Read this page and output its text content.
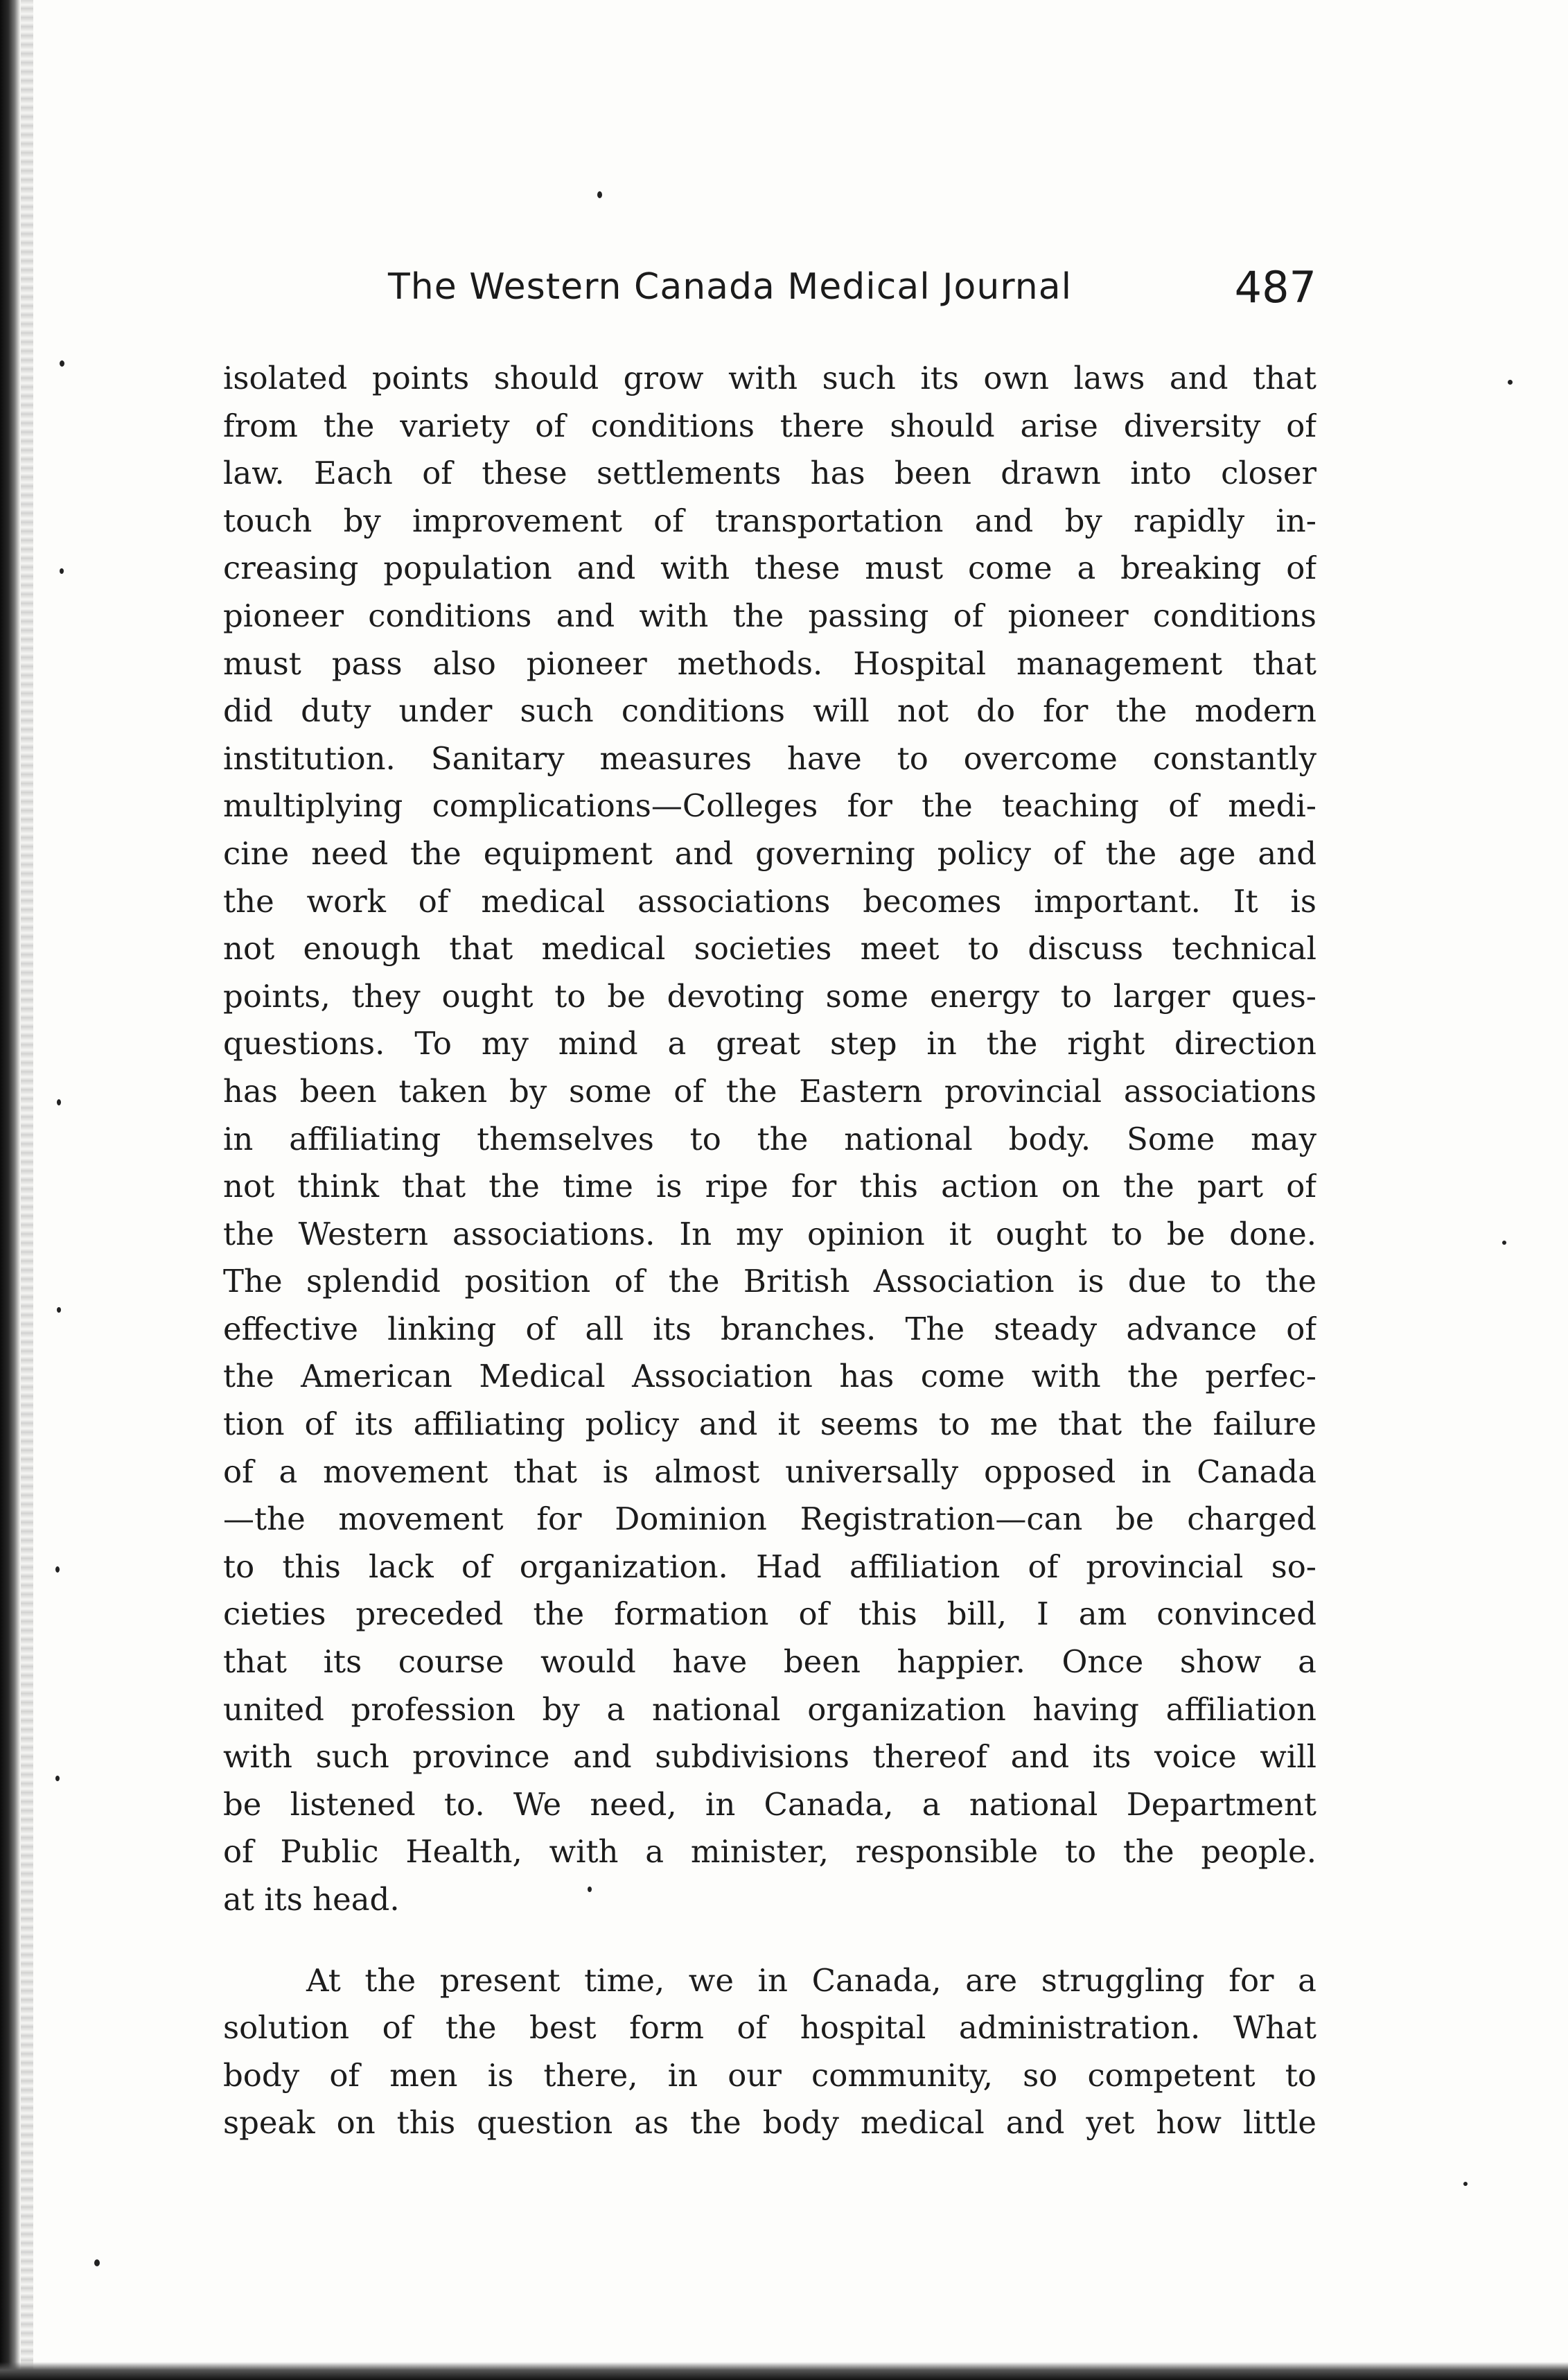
The Western Canada Medical Journal	487
isolated points should grow with such its own laws and that
from the variety of conditions there should arise diversity of
law. Each of these settlements has been drawn into closer
touch by improvement of transportation and by rapidly in-
creasing population and with these must come a breaking of
pioneer conditions and with the passing of pioneer conditions
must pass also pioneer methods. Hospital management that
did duty under such conditions will not do for the modern
institution. Sanitary measures have to overcome constantly
multiplying complications—Colleges for the teaching of medi-
cine need the equipment and governing policy of the age and
the work of medical associations becomes important. It is
not enough that medical societies meet to discuss technical
points, they ought to be devoting some energy to larger ques-
questions. To my mind a great step in the right direction
has been taken by some of the Eastern provincial associations
in affiliating themselves to the national body. Some may
not think that the time is ripe for this action on the part of
the Western associations. In my opinion it ought to be done.
The splendid position of the British Association is due to the
effective linking of all its branches. The steady advance of
the American Medical Association has come with the perfec-
tion of its affiliating policy and it seems to me that the failure
of a movement that is almost universally opposed in Canada
—the movement for Dominion Registration—can be charged
to this lack of organization. Had affiliation of provincial so-
cieties preceded the formation of this bill, I am convinced
that its course would have been happier. Once show a
united profession by a national organization having affiliation
with such province and subdivisions thereof and its voice will
be listened to. We need, in Canada, a national Department
of Public Health, with a minister, responsible to the people.
at its head.
At the present time, we in Canada, are struggling for a
solution of the best form of hospital administration. What
body of men is there, in our community, so competent to
speak on this question as the body medical and yet how little
